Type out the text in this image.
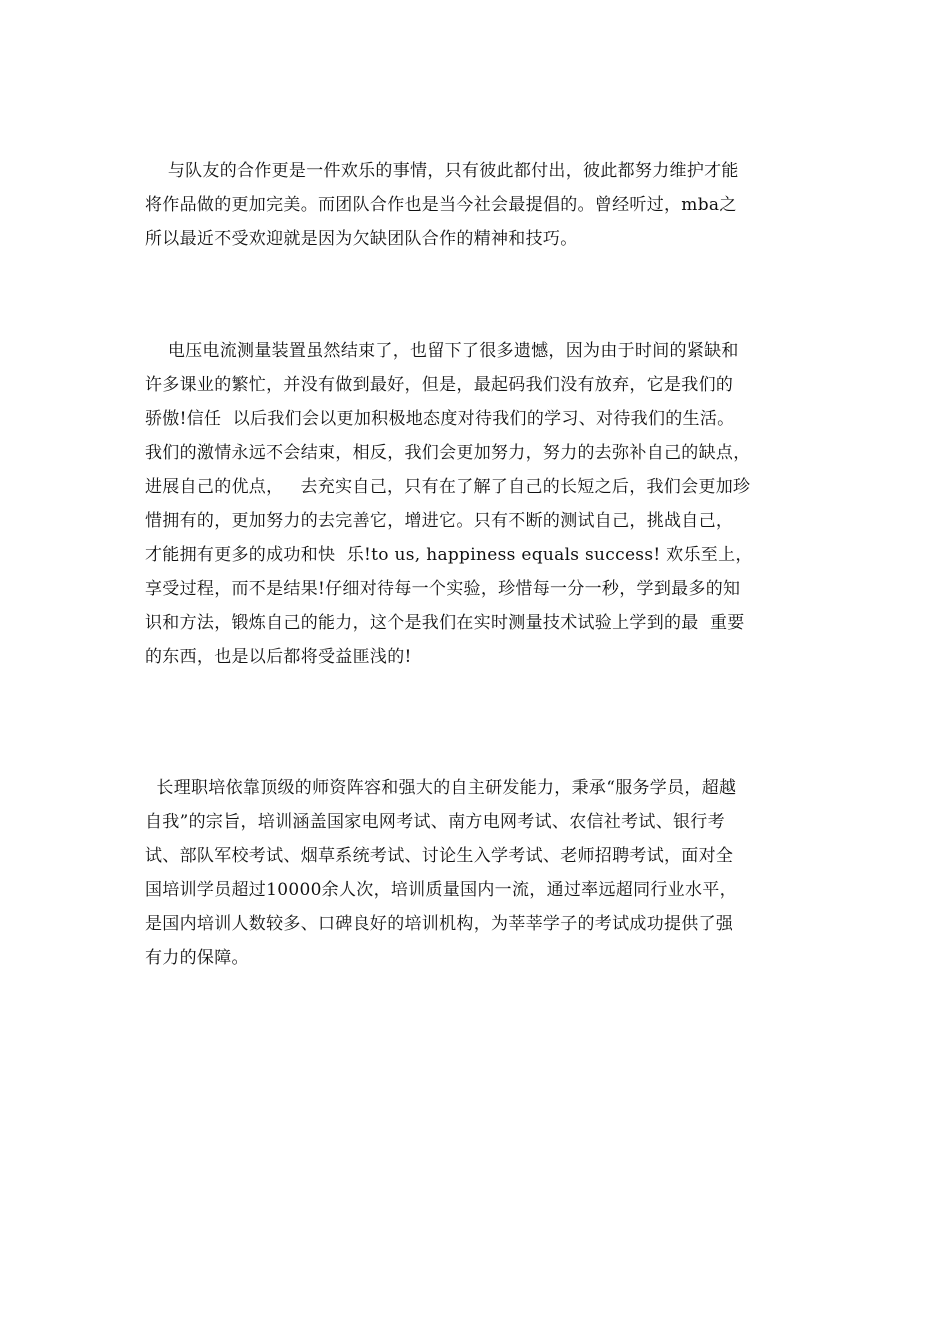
与队友的合作更是一件欢乐的事情，只有彼此都付出，彼此都努力维护才能
将作品做的更加完美。而团队合作也是当今社会最提倡的。曾经听过，mba之
所以最近不受欢迎就是因为欠缺团队合作的精神和技巧。
电压电流测量装置虽然结束了，也留下了很多遗憾，因为由于时间的紧缺和
许多课业的繁忙，并没有做到最好，但是，最起码我们没有放弃，它是我们的
骄傲!信任  以后我们会以更加积极地态度对待我们的学习、对待我们的生活。
我们的激情永远不会结束，相反，我们会更加努力，努力的去弥补自己的缺点，
进展自己的优点，   去充实自己，只有在了解了自己的长短之后，我们会更加珍
惜拥有的，更加努力的去完善它，增进它。只有不断的测试自己，挑战自己，
才能拥有更多的成功和快  乐!to us, happiness equals success! 欢乐至上，
享受过程，而不是结果!仔细对待每一个实验，珍惜每一分一秒，学到最多的知
识和方法，锻炼自己的能力，这个是我们在实时测量技术试验上学到的最  重要
的东西，也是以后都将受益匪浅的!
长理职培依靠顶级的师资阵容和强大的自主研发能力，秉承“服务学员，超越
自我”的宗旨，培训涵盖国家电网考试、南方电网考试、农信社考试、银行考
试、部队军校考试、烟草系统考试、讨论生入学考试、老师招聘考试，面对全
国培训学员超过10000余人次，培训质量国内一流，通过率远超同行业水平，
是国内培训人数较多、口碑良好的培训机构，为莘莘学子的考试成功提供了强
有力的保障。
